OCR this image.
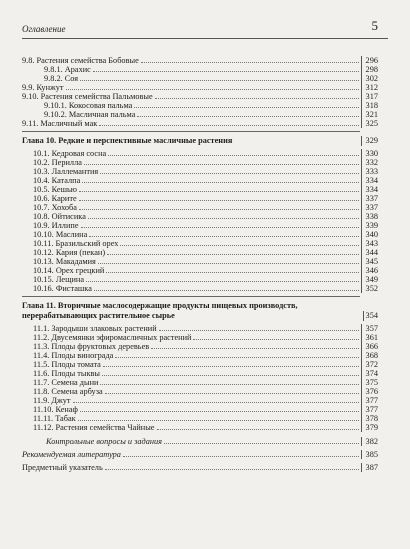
Оглавление	5
9.8. Растения семейства Бобовые	296
9.8.1. Арахис	298
9.8.2. Соя	302
9.9. Кунжут	312
9.10. Растения семейства Пальмовые	317
9.10.1. Кокосовая пальма	318
9.10.2. Масличная пальма	321
9.11. Масличный мак	325
Глава 10. Редкие и перспективные масличные растения	329
10.1. Кедровая сосна	330
10.2. Перилла	332
10.3. Лаллемантия	333
10.4. Каталпа	334
10.5. Кешью	334
10.6. Карите	337
10.7. Хохоба	337
10.8. Ойтисика	338
10.9. Иллипе	339
10.10. Маслина	340
10.11. Бразильский орех	343
10.12. Кария (пекан)	344
10.13. Макадамия	345
10.14. Орех грецкий	346
10.15. Лещина	349
10.16. Фисташка	352
Глава 11. Вторичные маслосодержащие продукты пищевых производств, перерабатывающих растительное сырье	354
11.1. Зародыши злаковых растений	357
11.2. Двусемянки эфиромасличных растений	361
11.3. Плоды фруктовых деревьев	366
11.4. Плоды винограда	368
11.5. Плоды томата	372
11.6. Плоды тыквы	374
11.7. Семена дыни	375
11.8. Семена арбуза	376
11.9. Джут	377
11.10. Кенаф	377
11.11. Табак	378
11.12. Растения семейства Чайные	379
Контрольные вопросы и задания	382
Рекомендуемая литература	385
Предметный указатель	387
